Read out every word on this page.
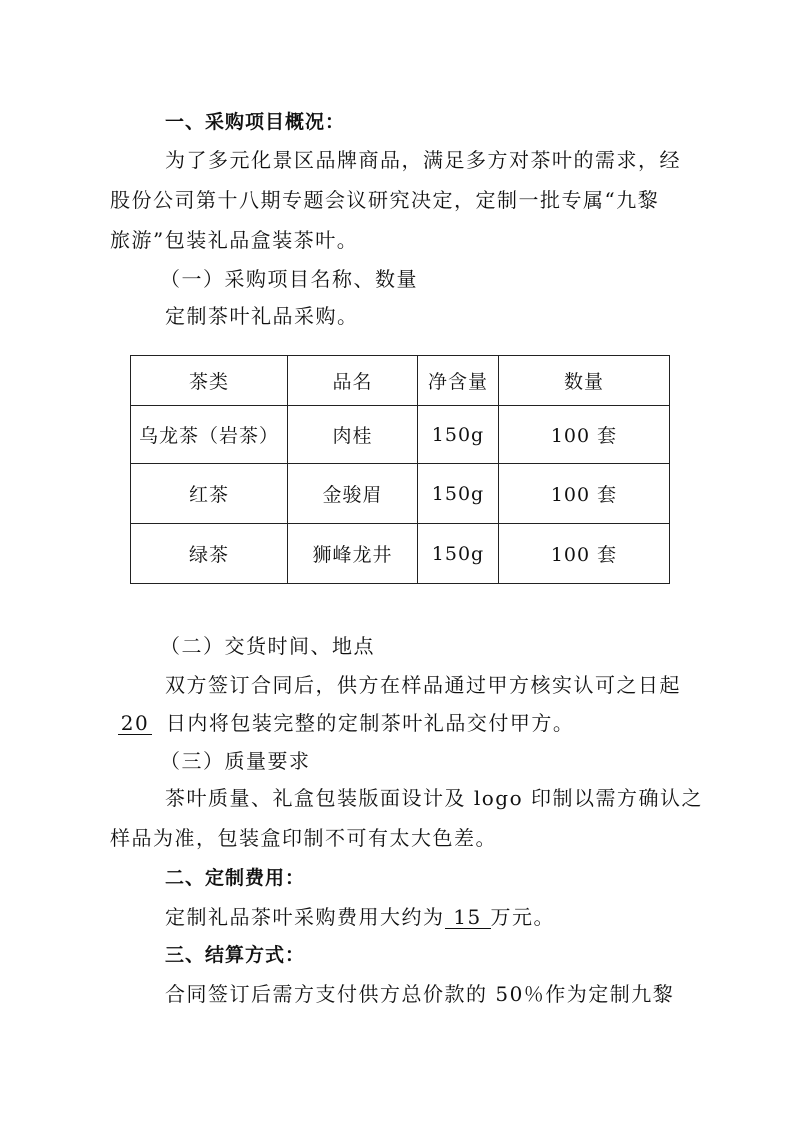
一、采购项目概况：
为了多元化景区品牌商品，满足多方对茶叶的需求，经
股份公司第十八期专题会议研究决定，定制一批专属“九黎
旅游”包装礼品盒装茶叶。
（一）采购项目名称、数量
定制茶叶礼品采购。
茶类	品名	净含量	数量
乌龙茶（岩茶）	肉桂	150g	100 套
红茶	金骏眉	150g	100 套
绿茶	狮峰龙井	150g	100 套
（二）交货时间、地点
双方签订合同后，供方在样品通过甲方核实认可之日起
20 日内将包装完整的定制茶叶礼品交付甲方。
（三）质量要求
茶叶质量、礼盒包装版面设计及 logo 印制以需方确认之
样品为准，包装盒印制不可有太大色差。
二、定制费用：
定制礼品茶叶采购费用大约为 15 万元。
三、结算方式：
合同签订后需方支付供方总价款的 50％作为定制九黎
